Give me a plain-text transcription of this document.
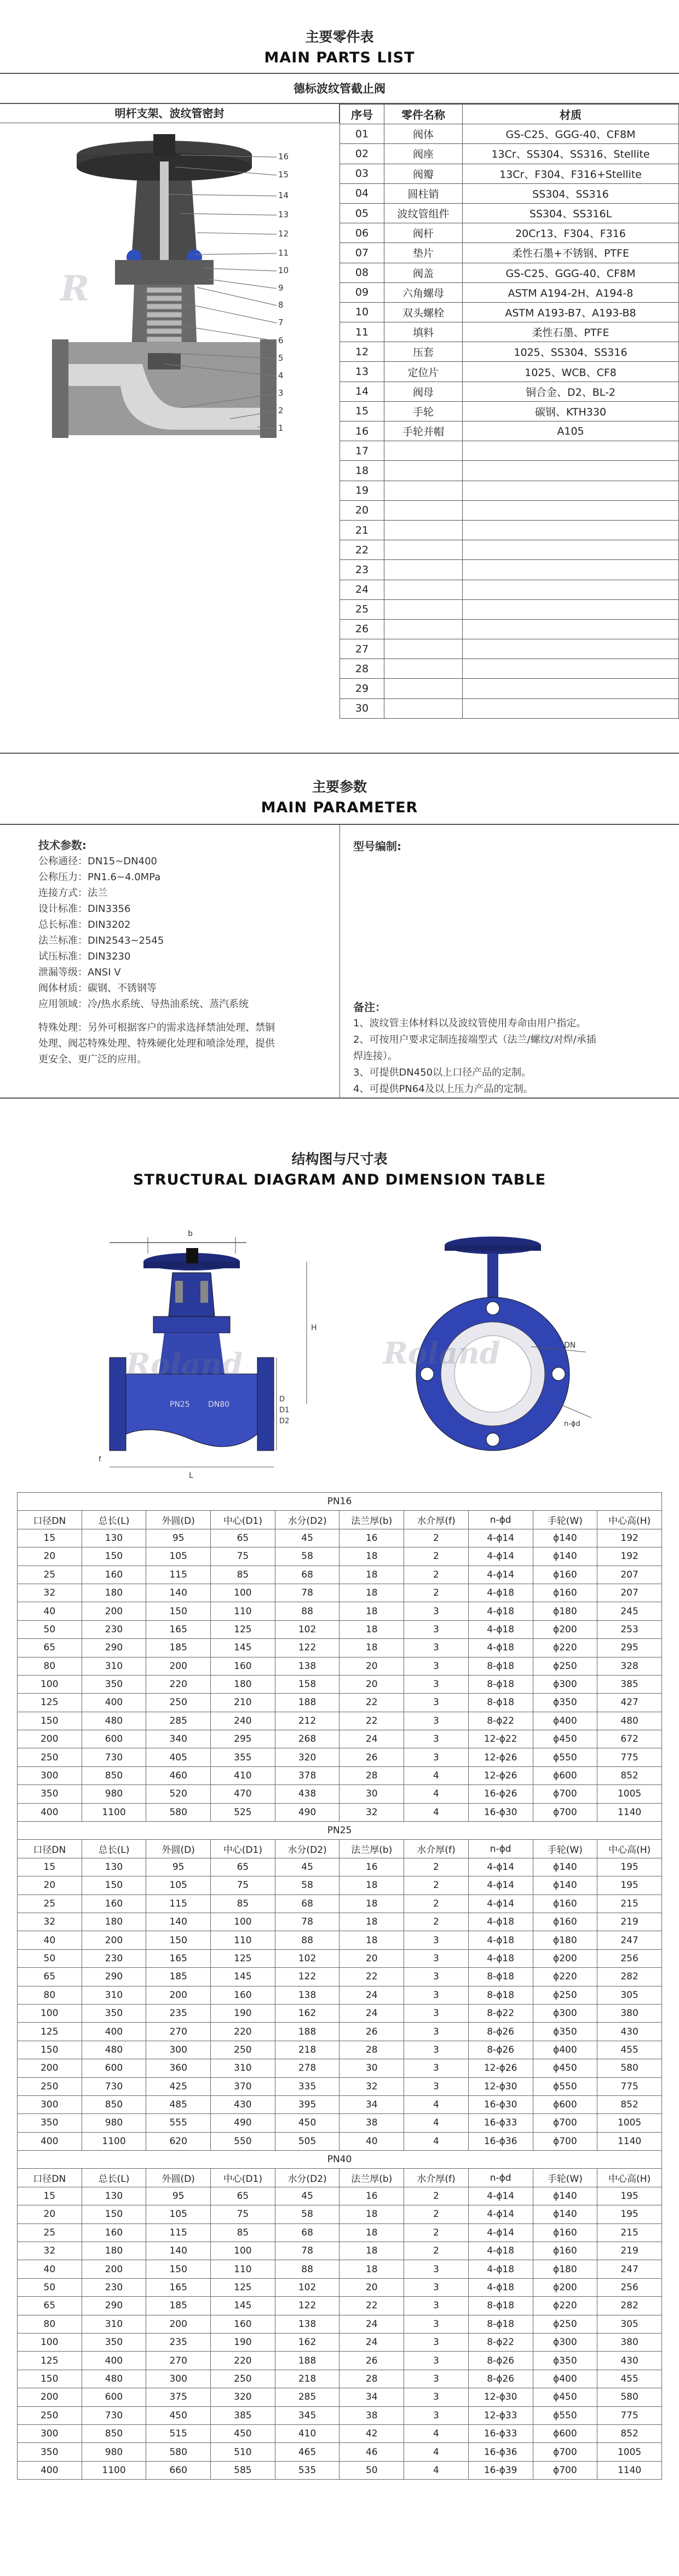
主要零件表
MAIN PARTS LIST
德标波纹管截止阀
明杆支架、波纹管密封
16
15
14
13
12
11
10
9
8
7
6
5
4
3
2
1
R
序号	零件名称	材质
01	阀体	GS-C25、GGG-40、CF8M
02	阀座	13Cr、SS304、SS316、Stellite
03	阀瓣	13Cr、F304、F316+Stellite
04	圆柱销	SS304、SS316
05	波纹管组件	SS304、SS316L
06	阀杆	20Cr13、F304、F316
07	垫片	柔性石墨+不锈钢、PTFE
08	阀盖	GS-C25、GGG-40、CF8M
09	六角螺母	ASTM A194-2H、A194-8
10	双头螺栓	ASTM A193-B7、A193-B8
11	填料	柔性石墨、PTFE
12	压套	1025、SS304、SS316
13	定位片	1025、WCB、CF8
14	阀母	铜合金、D2、BL-2
15	手轮	碳钢、KTH330
16	手轮并帽	A105
17		
18		
19		
20		
21		
22		
23		
24		
25		
26		
27		
28		
29		
30		
主要参数
MAIN PARAMETER
技术参数:
公称通径：DN15~DN400
公称压力：PN1.6~4.0MPa
连接方式：法兰
设计标准：DIN3356
总长标准：DIN3202
法兰标准：DIN2543~2545
试压标准：DIN3230
泄漏等级：ANSI V
阀体材质：碳钢、不锈钢等
应用领域：冷/热水系统、导热油系统、蒸汽系统
特殊处理：另外可根据客户的需求选择禁油处理、禁铜
处理、阀芯特殊处理、特殊硬化处理和喷涂处理，提供
更安全、更广泛的应用。
型号编制:
备注：
1、波纹管主体材料以及波纹管使用寿命由用户指定。
2、可按用户要求定制连接端型式（法兰/螺纹/对焊/承插
焊连接）。
3、可提供DN450以上口径产品的定制。
4、可提供PN64及以上压力产品的定制。
结构图与尺寸表
STRUCTURAL DIAGRAM AND DIMENSION TABLE
b
PN25 DN80
H
L
D
D1
D2
f
Roland
DN
n-ϕd
Roland
PN16									
口径DN	总长(L)	外圆(D)	中心(D1)	水分(D2)	法兰厚(b)	水介厚(f)	n-ϕd	手轮(W)	中心高(H)
15	130	95	65	45	16	2	4-ϕ14	ϕ140	192
20	150	105	75	58	18	2	4-ϕ14	ϕ140	192
25	160	115	85	68	18	2	4-ϕ14	ϕ160	207
32	180	140	100	78	18	2	4-ϕ18	ϕ160	207
40	200	150	110	88	18	3	4-ϕ18	ϕ180	245
50	230	165	125	102	18	3	4-ϕ18	ϕ200	253
65	290	185	145	122	18	3	4-ϕ18	ϕ220	295
80	310	200	160	138	20	3	8-ϕ18	ϕ250	328
100	350	220	180	158	20	3	8-ϕ18	ϕ300	385
125	400	250	210	188	22	3	8-ϕ18	ϕ350	427
150	480	285	240	212	22	3	8-ϕ22	ϕ400	480
200	600	340	295	268	24	3	12-ϕ22	ϕ450	672
250	730	405	355	320	26	3	12-ϕ26	ϕ550	775
300	850	460	410	378	28	4	12-ϕ26	ϕ600	852
350	980	520	470	438	30	4	16-ϕ26	ϕ700	1005
400	1100	580	525	490	32	4	16-ϕ30	ϕ700	1140
PN25									
口径DN	总长(L)	外圆(D)	中心(D1)	水分(D2)	法兰厚(b)	水介厚(f)	n-ϕd	手轮(W)	中心高(H)
15	130	95	65	45	16	2	4-ϕ14	ϕ140	195
20	150	105	75	58	18	2	4-ϕ14	ϕ140	195
25	160	115	85	68	18	2	4-ϕ14	ϕ160	215
32	180	140	100	78	18	2	4-ϕ18	ϕ160	219
40	200	150	110	88	18	3	4-ϕ18	ϕ180	247
50	230	165	125	102	20	3	4-ϕ18	ϕ200	256
65	290	185	145	122	22	3	8-ϕ18	ϕ220	282
80	310	200	160	138	24	3	8-ϕ18	ϕ250	305
100	350	235	190	162	24	3	8-ϕ22	ϕ300	380
125	400	270	220	188	26	3	8-ϕ26	ϕ350	430
150	480	300	250	218	28	3	8-ϕ26	ϕ400	455
200	600	360	310	278	30	3	12-ϕ26	ϕ450	580
250	730	425	370	335	32	3	12-ϕ30	ϕ550	775
300	850	485	430	395	34	4	16-ϕ30	ϕ600	852
350	980	555	490	450	38	4	16-ϕ33	ϕ700	1005
400	1100	620	550	505	40	4	16-ϕ36	ϕ700	1140
PN40									
口径DN	总长(L)	外圆(D)	中心(D1)	水分(D2)	法兰厚(b)	水介厚(f)	n-ϕd	手轮(W)	中心高(H)
15	130	95	65	45	16	2	4-ϕ14	ϕ140	195
20	150	105	75	58	18	2	4-ϕ14	ϕ140	195
25	160	115	85	68	18	2	4-ϕ14	ϕ160	215
32	180	140	100	78	18	2	4-ϕ18	ϕ160	219
40	200	150	110	88	18	3	4-ϕ18	ϕ180	247
50	230	165	125	102	20	3	4-ϕ18	ϕ200	256
65	290	185	145	122	22	3	8-ϕ18	ϕ220	282
80	310	200	160	138	24	3	8-ϕ18	ϕ250	305
100	350	235	190	162	24	3	8-ϕ22	ϕ300	380
125	400	270	220	188	26	3	8-ϕ26	ϕ350	430
150	480	300	250	218	28	3	8-ϕ26	ϕ400	455
200	600	375	320	285	34	3	12-ϕ30	ϕ450	580
250	730	450	385	345	38	3	12-ϕ33	ϕ550	775
300	850	515	450	410	42	4	16-ϕ33	ϕ600	852
350	980	580	510	465	46	4	16-ϕ36	ϕ700	1005
400	1100	660	585	535	50	4	16-ϕ39	ϕ700	1140
